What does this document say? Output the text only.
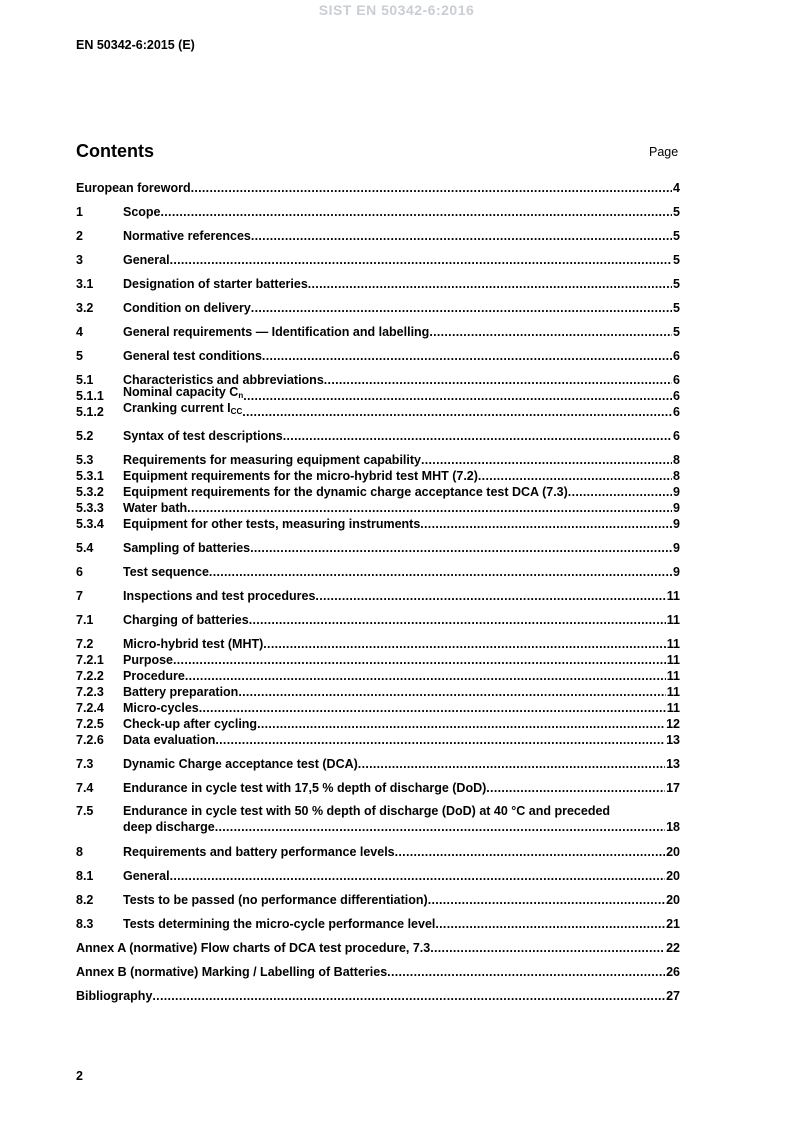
SIST EN 50342-6:2016
EN 50342-6:2015 (E)
Contents	Page
European foreword .....	4
1	Scope .....	5
2	Normative references .....	5
3	General .....	5
3.1	Designation of starter batteries .....	5
3.2	Condition on delivery .....	5
4	General requirements — Identification and labelling .....	5
5	General test conditions .....	6
5.1	Characteristics and abbreviations .....	6
5.1.1	Nominal capacity $C_n$ .....	6
5.1.2	Cranking current $I_{CC}$ .....	6
5.2	Syntax of test descriptions .....	6
5.3	Requirements for measuring equipment capability .....	8
5.3.1	Equipment requirements for the micro-hybrid test MHT (7.2) .....	8
5.3.2	Equipment requirements for the dynamic charge acceptance test DCA (7.3) .....	9
5.3.3	Water bath .....	9
5.3.4	Equipment for other tests, measuring instruments .....	9
5.4	Sampling of batteries .....	9
6	Test sequence .....	9
7	Inspections and test procedures .....	11
7.1	Charging of batteries .....	11
7.2	Micro-hybrid test (MHT) .....	11
7.2.1	Purpose .....	11
7.2.2	Procedure .....	11
7.2.3	Battery preparation .....	11
7.2.4	Micro-cycles .....	11
7.2.5	Check-up after cycling .....	12
7.2.6	Data evaluation .....	13
7.3	Dynamic Charge acceptance test (DCA) .....	13
7.4	Endurance in cycle test with 17,5 % depth of discharge (DoD) .....	17
7.5	Endurance in cycle test with 50 % depth of discharge (DoD) at 40 °C and preceded
deep discharge .....	18
8	Requirements and battery performance levels .....	20
8.1	General .....	20
8.2	Tests to be passed (no performance differentiation) .....	20
8.3	Tests determining the micro-cycle performance level .....	21
Annex A (normative) Flow charts of DCA test procedure, 7.3 .....	22
Annex B (normative) Marking / Labelling of Batteries .....	26
Bibliography .....	27
2
